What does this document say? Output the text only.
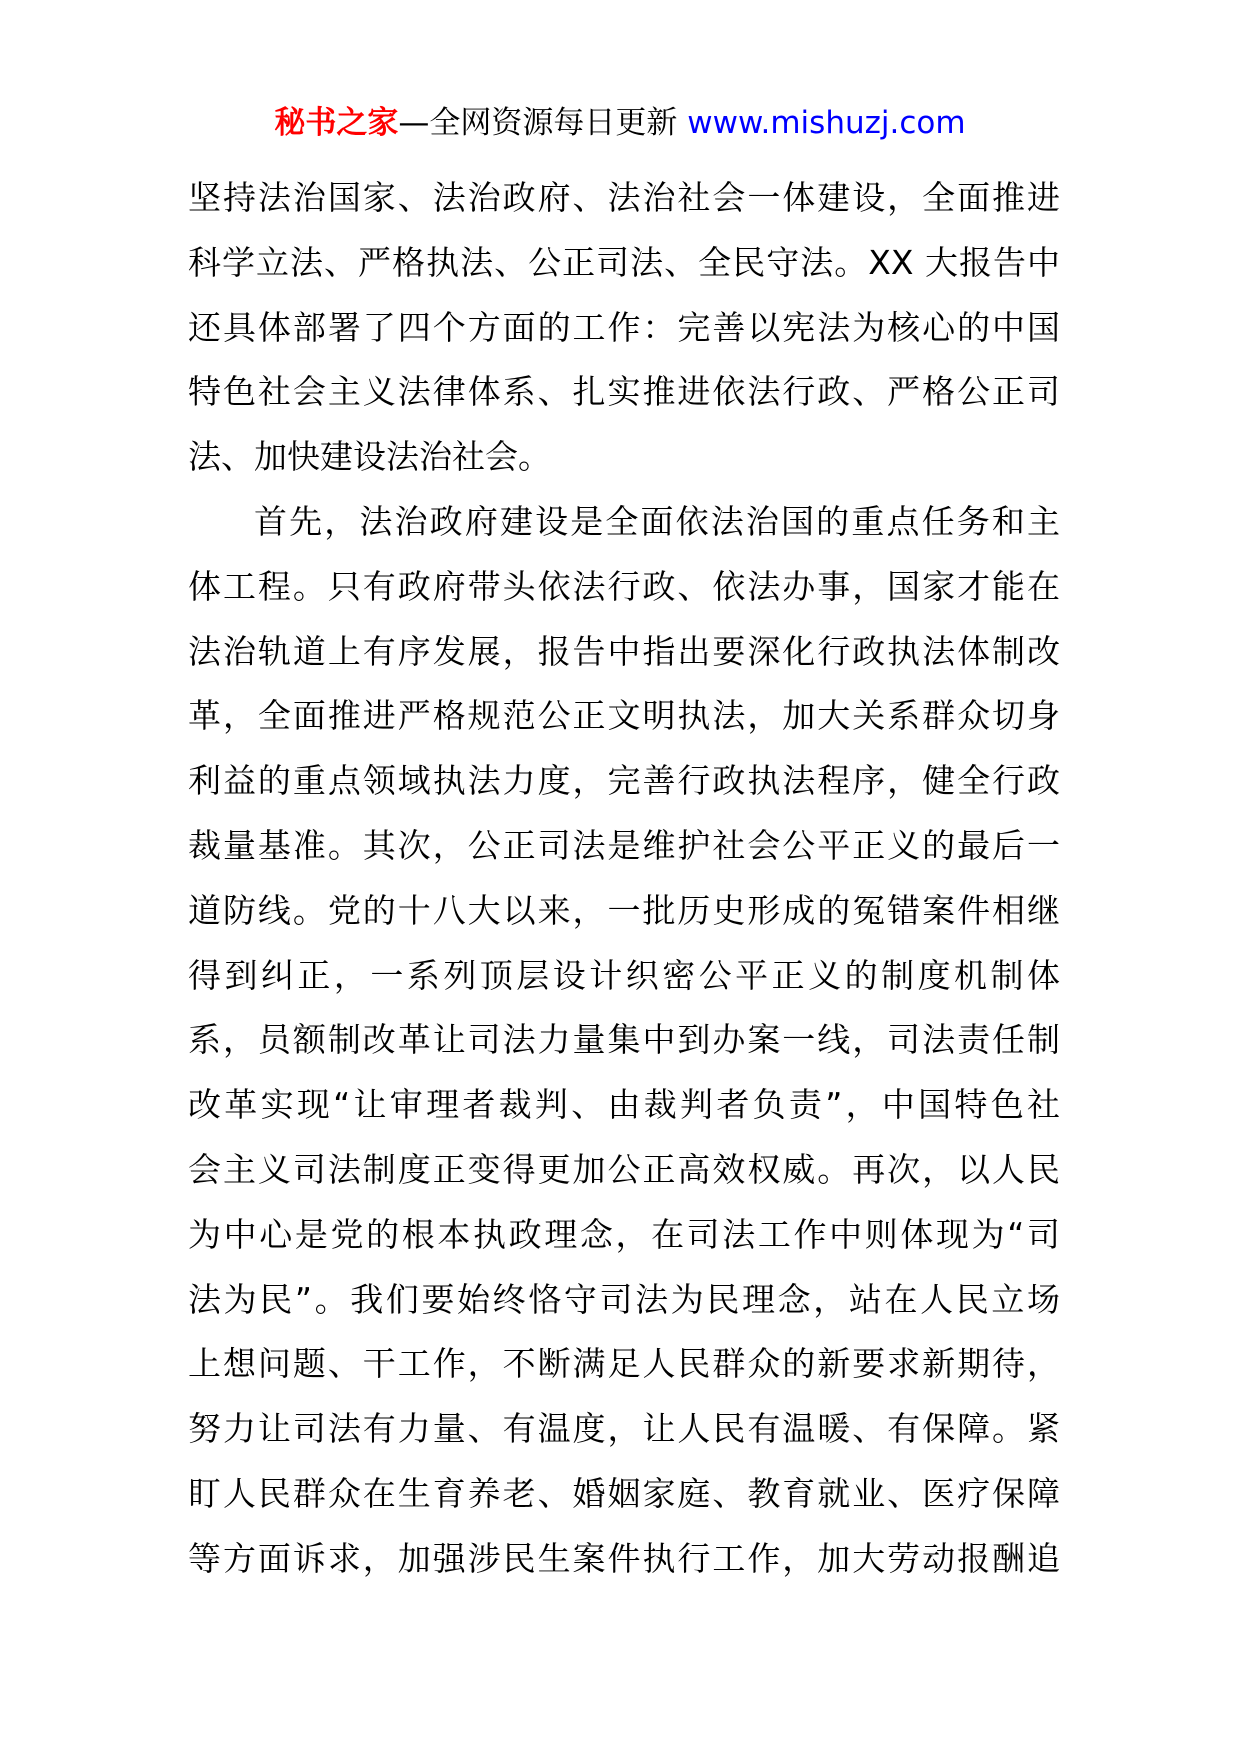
秘书之家—全网资源每日更新 www.mishuzj.com
坚持法治国家、法治政府、法治社会一体建设，全面推进
科学立法、严格执法、公正司法、全民守法。XX 大报告中
还具体部署了四个方面的工作：完善以宪法为核心的中国
特色社会主义法律体系、扎实推进依法行政、严格公正司
法、加快建设法治社会。
首先，法治政府建设是全面依法治国的重点任务和主
体工程。只有政府带头依法行政、依法办事，国家才能在
法治轨道上有序发展，报告中指出要深化行政执法体制改
革，全面推进严格规范公正文明执法，加大关系群众切身
利益的重点领域执法力度，完善行政执法程序，健全行政
裁量基准。其次，公正司法是维护社会公平正义的最后一
道防线。党的十八大以来，一批历史形成的冤错案件相继
得到纠正，一系列顶层设计织密公平正义的制度机制体
系，员额制改革让司法力量集中到办案一线，司法责任制
改革实现“让审理者裁判、由裁判者负责”，中国特色社
会主义司法制度正变得更加公正高效权威。再次，以人民
为中心是党的根本执政理念，在司法工作中则体现为“司
法为民”。我们要始终恪守司法为民理念，站在人民立场
上想问题、干工作，不断满足人民群众的新要求新期待，
努力让司法有力量、有温度，让人民有温暖、有保障。紧
盯人民群众在生育养老、婚姻家庭、教育就业、医疗保障
等方面诉求，加强涉民生案件执行工作，加大劳动报酬追
